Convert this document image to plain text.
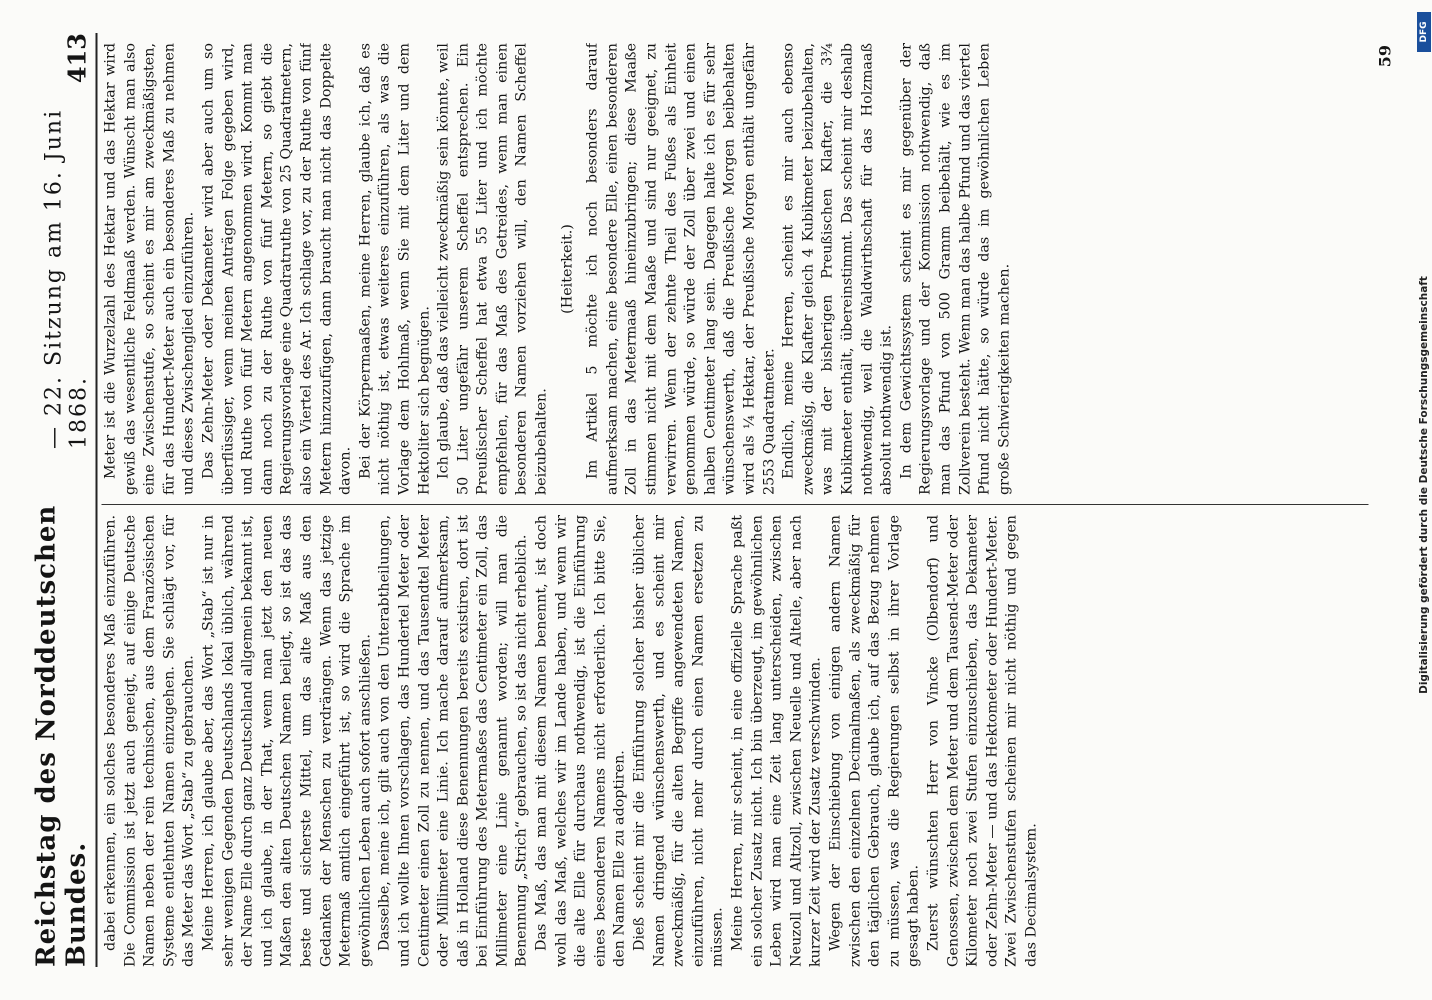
Reichstag des Norddeutschen Bundes.
— 22. Sitzung am 16. Juni 1868.
413

dabei erkennen, ein solches besonderes Maß einzuführen. Die Commission ist jetzt auch geneigt, auf einige Deutsche Namen neben der rein technischen, aus dem Französischen Systeme entlehnten Namen einzugehen. Sie schlägt vor, für das Meter das Wort „Stab“ zu gebrauchen. Meine Herren, ich glaube aber, das Wort „Stab“ ist nur in sehr wenigen Gegenden Deutschlands lokal üblich, während der Name Elle durch ganz Deutschland allgemein bekannt ist, und ich glaube, in der That, wenn man jetzt den neuen Maßen den alten Deutschen Namen beilegt, so ist das das beste und sicherste Mittel, um das alte Maß aus den Gedanken der Menschen zu verdrängen. Wenn das jetzige Metermaß amtlich eingeführt ist, so wird die Sprache im gewöhnlichen Leben auch sofort anschließen. Dasselbe, meine ich, gilt auch von den Unterabtheilungen, und ich wollte Ihnen vorschlagen, das Hundertel Meter oder Centimeter einen Zoll zu nennen, und das Tausendtel Meter oder Millimeter eine Linie. Ich mache darauf aufmerksam, daß in Holland diese Benennungen bereits existiren, dort ist bei Einführung des Metermaßes das Centimeter ein Zoll, das Millimeter eine Linie genannt worden; will man die Benennung „Strich“ gebrauchen, so ist das nicht erheblich. Das Maß, das man mit diesem Namen benennt, ist doch wohl das Maß, welches wir im Lande haben, und wenn wir die alte Elle für durchaus nothwendig, ist die Einführung eines besonderen Namens nicht erforderlich. Ich bitte Sie, den Namen Elle zu adoptiren. Dieß scheint mir die Einführung solcher bisher üblicher Namen dringend wünschenswerth, und es scheint mir zweckmäßig, für die alten Begriffe angewendeten Namen, einzuführen, nicht mehr durch einen Namen ersetzen zu müssen. Meine Herren, mir scheint, in eine offizielle Sprache paßt ein solcher Zusatz nicht. Ich bin überzeugt, im gewöhnlichen Leben wird man eine Zeit lang unterscheiden, zwischen Neuzoll und Altzoll, zwischen Neuelle und Altelle, aber nach kurzer Zeit wird der Zusatz verschwinden. Wegen der Einschiebung von einigen andern Namen zwischen den einzelnen Decimalmaßen, als zweckmäßig für den täglichen Gebrauch, glaube ich, auf das Bezug nehmen zu müssen, was die Regierungen selbst in ihrer Vorlage gesagt haben. Zuerst wünschten Herr von Vincke (Olbendorf) und Genossen, zwischen dem Meter und dem Tausend-Meter oder Kilometer noch zwei Stufen einzuschieben, das Dekameter oder Zehn-Meter — und das Hektometer oder Hundert-Meter. Zwei Zwischenstufen scheinen mir nicht nöthig und gegen das Decimalsystem.

Meter ist die Wurzelzahl des Hektar und das Hektar wird gewiß das wesentliche Feldmaaß werden. Wünscht man also eine Zwischenstufe, so scheint es mir am zweckmäßigsten, für das Hundert-Meter auch ein besonderes Maß zu nehmen und dieses Zwischenglied einzuführen. Das Zehn-Meter oder Dekameter wird aber auch um so überflüssiger, wenn meinen Anträgen Folge gegeben wird, und Ruthe von fünf Metern angenommen wird. Kommt man dann noch zu der Ruthe von fünf Metern, so giebt die Regierungsvorlage eine Quadratruthe von 25 Quadratmetern, also ein Viertel des Ar. Ich schlage vor, zu der Ruthe von fünf Metern hinzuzufügen, dann braucht man nicht das Doppelte davon. Bei der Körpermaaßen, meine Herren, glaube ich, daß es nicht nöthig ist, etwas weiteres einzuführen, als was die Vorlage dem Hohlmaß, wenn Sie mit dem Liter und dem Hektoliter sich begnügen. Ich glaube, daß das vielleicht zweckmäßig sein könnte, weil 50 Liter ungefähr unserem Scheffel entsprechen. Ein Preußischer Scheffel hat etwa 55 Liter und ich möchte empfehlen, für das Maß des Getreides, wenn man einen besonderen Namen vorziehen will, den Namen Scheffel beizubehalten.

(Heiterkeit.) Im Artikel 5 möchte ich noch besonders darauf aufmerksam machen, eine besondere Elle, einen besonderen Zoll in das Metermaaß hineinzubringen; diese Maaße stimmen nicht mit dem Maaße und sind nur geeignet, zu verwirren. Wenn der zehnte Theil des Fußes als Einheit genommen würde, so würde der Zoll über zwei und einen halben Centimeter lang sein. Dagegen halte ich es für sehr wünschenswerth, daß die Preußische Morgen beibehalten wird als ¼ Hektar, der Preußische Morgen enthält ungefähr 2553 Quadratmeter. Endlich, meine Herren, scheint es mir auch ebenso zweckmäßig, die Klafter gleich 4 Kubikmeter beizubehalten, was mit der bisherigen Preußischen Klafter, die 3¾ Kubikmeter enthält, übereinstimmt. Das scheint mir deshalb nothwendig, weil die Waldwirthschaft für das Holzmaaß absolut nothwendig ist. In dem Gewichtssystem scheint es mir gegenüber der Regierungsvorlage und der Kommission nothwendig, daß man das Pfund von 500 Gramm beibehält, wie es im Zollverein besteht. Wenn man das halbe Pfund und das viertel Pfund nicht hätte, so würde das im gewöhnlichen Leben große Schwierigkeiten machen.

59
DFG
Digitalisierung gefördert durch die Deutsche Forschungsgemeinschaft
